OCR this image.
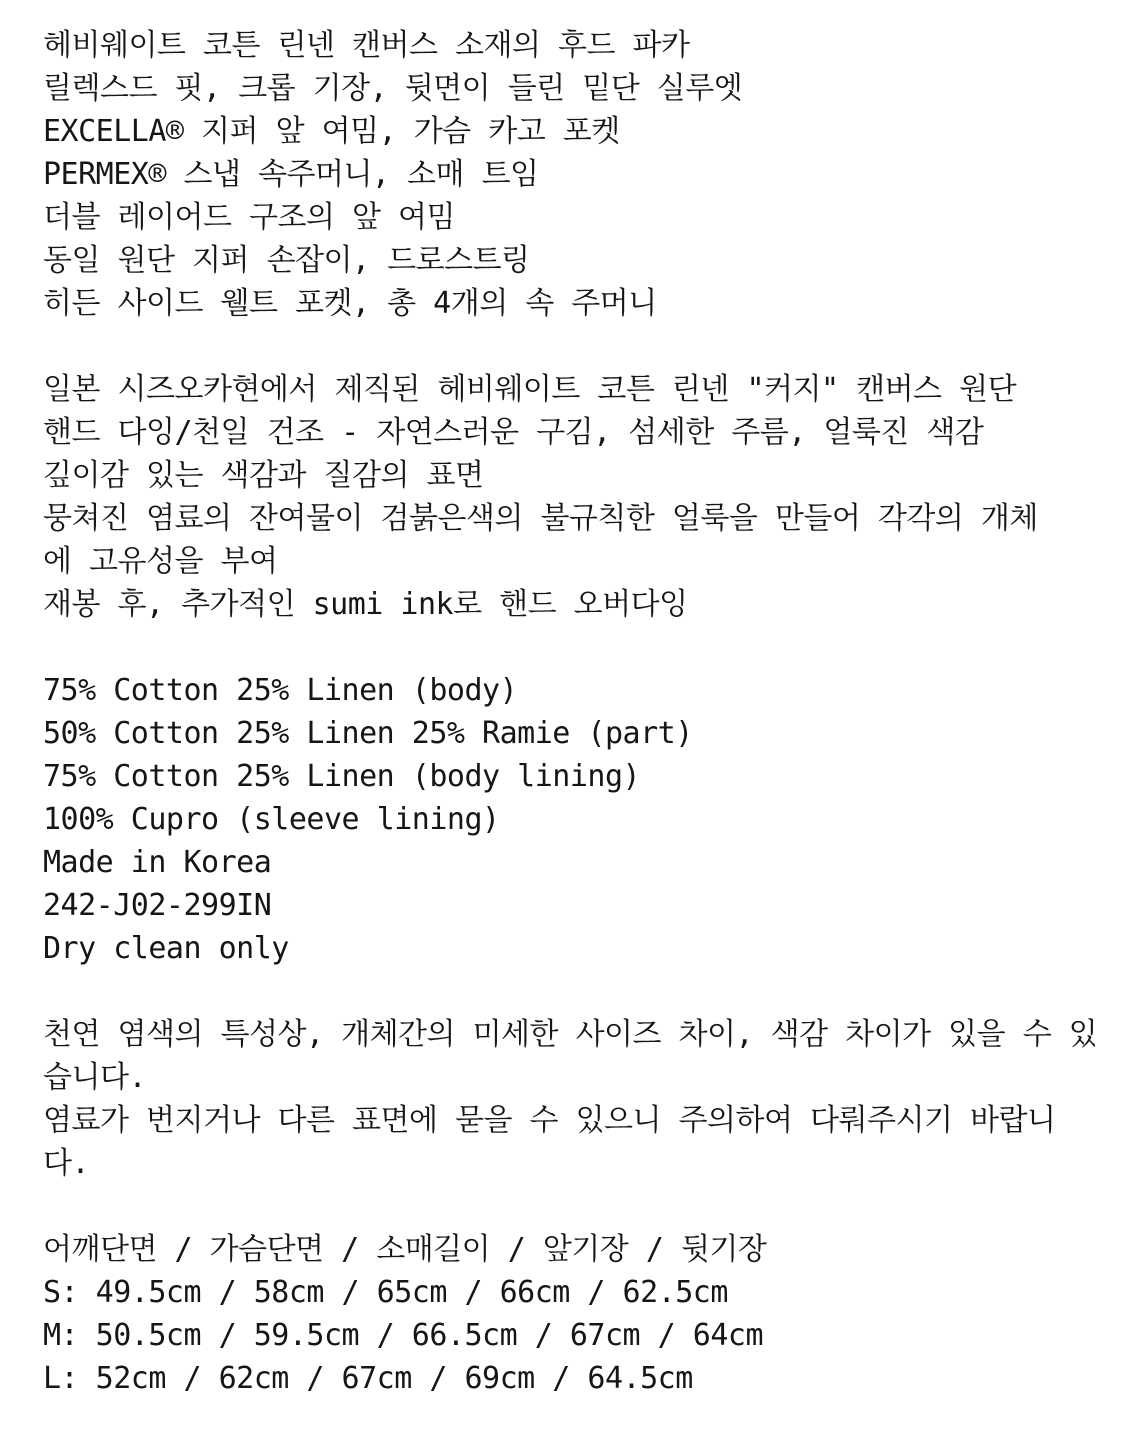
헤비웨이트 코튼 린넨 캔버스 소재의 후드 파카
릴렉스드 핏, 크롭 기장, 뒷면이 들린 밑단 실루엣
EXCELLA® 지퍼 앞 여밈, 가슴 카고 포켓
PERMEX® 스냅 속주머니, 소매 트임
더블 레이어드 구조의 앞 여밈
동일 원단 지퍼 손잡이, 드로스트링
히든 사이드 웰트 포켓, 총 4개의 속 주머니
일본 시즈오카현에서 제직된 헤비웨이트 코튼 린넨 "커지" 캔버스 원단
핸드 다잉/천일 건조 - 자연스러운 구김, 섬세한 주름, 얼룩진 색감
깊이감 있는 색감과 질감의 표면
뭉쳐진 염료의 잔여물이 검붉은색의 불규칙한 얼룩을 만들어 각각의 개체
에 고유성을 부여
재봉 후, 추가적인 sumi ink로 핸드 오버다잉
75% Cotton 25% Linen (body)
50% Cotton 25% Linen 25% Ramie (part)
75% Cotton 25% Linen (body lining)
100% Cupro (sleeve lining)
Made in Korea
242-J02-299IN
Dry clean only
천연 염색의 특성상, 개체간의 미세한 사이즈 차이, 색감 차이가 있을 수 있
습니다.
염료가 번지거나 다른 표면에 묻을 수 있으니 주의하여 다뤄주시기 바랍니
다.
어깨단면 / 가슴단면 / 소매길이 / 앞기장 / 뒷기장
S: 49.5cm / 58cm / 65cm / 66cm / 62.5cm
M: 50.5cm / 59.5cm / 66.5cm / 67cm / 64cm
L: 52cm / 62cm / 67cm / 69cm / 64.5cm
